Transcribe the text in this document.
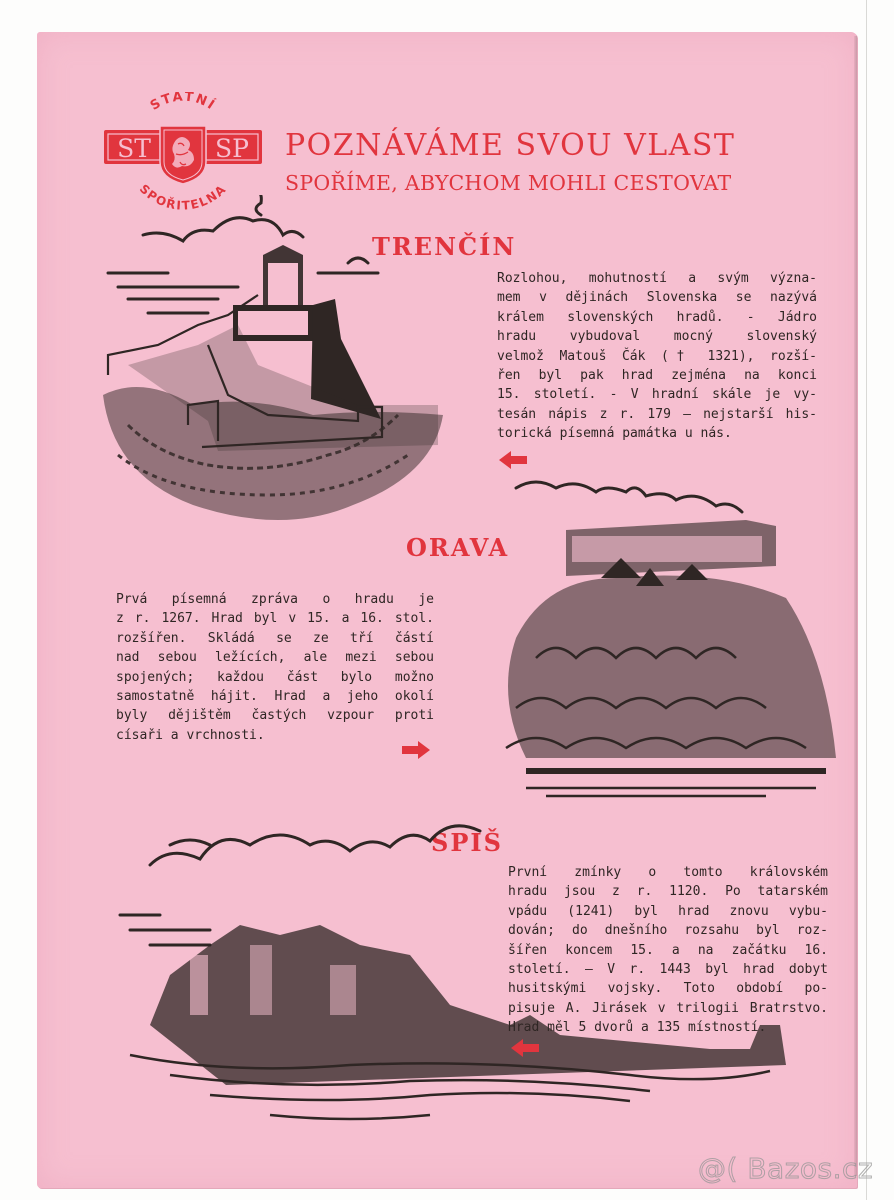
STÁTNÍ
SPOŘITELNA
ST	SP POZNÁVÁME SVOU VLAST
SPOŘÍME, ABYCHOM MOHLI CESTOVAT
TRENČÍN
Rozlohou, mohutností a svým význa-
mem v dějinách Slovenska se nazývá
králem slovenských hradů. - Jádro
hradu vybudoval mocný slovenský
velmož Matouš Čák († 1321), rozší-
řen byl pak hrad zejména na konci
15. století. - V hradní skále je vy-
tesán nápis z r. 179 — nejstarší his-
torická písemná památka u nás.
ORAVA
Prvá písemná zpráva o hradu je
z r. 1267. Hrad byl v 15. a 16. stol.
rozšířen. Skládá se ze tří částí
nad sebou ležících, ale mezi sebou
spojených; každou část bylo možno
samostatně hájit. Hrad a jeho okolí
byly dějištěm častých vzpour proti
císaři a vrchnosti.
SPIŠ
První zmínky o tomto královském
hradu jsou z r. 1120. Po tatarském
vpádu (1241) byl hrad znovu vybu-
dován; do dnešního rozsahu byl roz-
šířen koncem 15. a na začátku 16.
století. — V r. 1443 byl hrad dobyt
husitskými vojsky. Toto období po-
pisuje A. Jirásek v trilogii Bratrstvo.
Hrad měl 5 dvorů a 135 místností.
@( Bazos.cz
